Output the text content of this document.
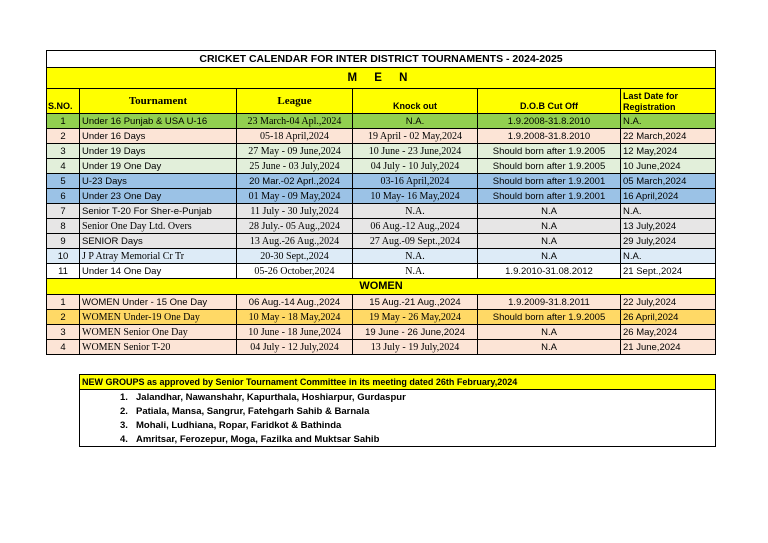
CRICKET CALENDAR FOR INTER DISTRICT TOURNAMENTS - 2024-2025					
M E N					
S.NO.	Tournament	League	Knock out	D.O.B Cut Off	Last Date for Registration
1	Under 16 Punjab & USA U-16	23 March-04 Apl.,2024	N.A.	1.9.2008-31.8.2010	N.A.
2	Under 16 Days	05-18 April,2024	19 April - 02 May,2024	1.9.2008-31.8.2010	22 March,2024
3	Under 19 Days	27 May - 09 June,2024	10 June - 23 June,2024	Should born after 1.9.2005	12 May,2024
4	Under 19 One Day	25 June - 03 July,2024	04 July - 10 July,2024	Should born after 1.9.2005	10 June,2024
5	U-23 Days	20 Mar.-02 Aprl.,2024	03-16 April,2024	Should born after 1.9.2001	05 March,2024
6	Under 23 One Day	01 May - 09 May,2024	10 May- 16 May,2024	Should born after 1.9.2001	16 April,2024
7	Senior T-20 For Sher-e-Punjab	11 July - 30 July,2024	N.A.	N.A	N.A.
8	Senior One Day Ltd. Overs	28 July.- 05 Aug.,2024	06 Aug.-12 Aug.,2024	N.A	13 July,2024
9	SENIOR Days	13 Aug.-26 Aug.,2024	27 Aug.-09 Sept.,2024	N.A	29 July,2024
10	J P Atray Memorial Cr Tr	20-30 Sept.,2024	N.A.	N.A	N.A.
11	Under 14 One Day	05-26 October,2024	N.A.	1.9.2010-31.08.2012	21 Sept.,2024
WOMEN					
1	WOMEN Under - 15 One Day	06 Aug.-14 Aug.,2024	15 Aug.-21 Aug.,2024	1.9.2009-31.8.2011	22 July,2024
2	WOMEN Under-19 One Day	10 May - 18 May,2024	19 May - 26 May,2024	Should born after 1.9.2005	26 April,2024
3	WOMEN Senior One Day	10 June - 18 June,2024	19 June - 26 June,2024	N.A	26 May,2024
4	WOMEN Senior T-20	04 July - 12 July,2024	13 July - 19 July,2024	N.A	21 June,2024
NEW GROUPS as approved by Senior Tournament Committee in its meeting dated 26th February,2024
1. Jalandhar, Nawanshahr, Kapurthala, Hoshiarpur, Gurdaspur
2. Patiala, Mansa, Sangrur, Fatehgarh Sahib & Barnala
3. Mohali, Ludhiana, Ropar, Faridkot & Bathinda
4. Amritsar, Ferozepur, Moga, Fazilka and Muktsar Sahib
